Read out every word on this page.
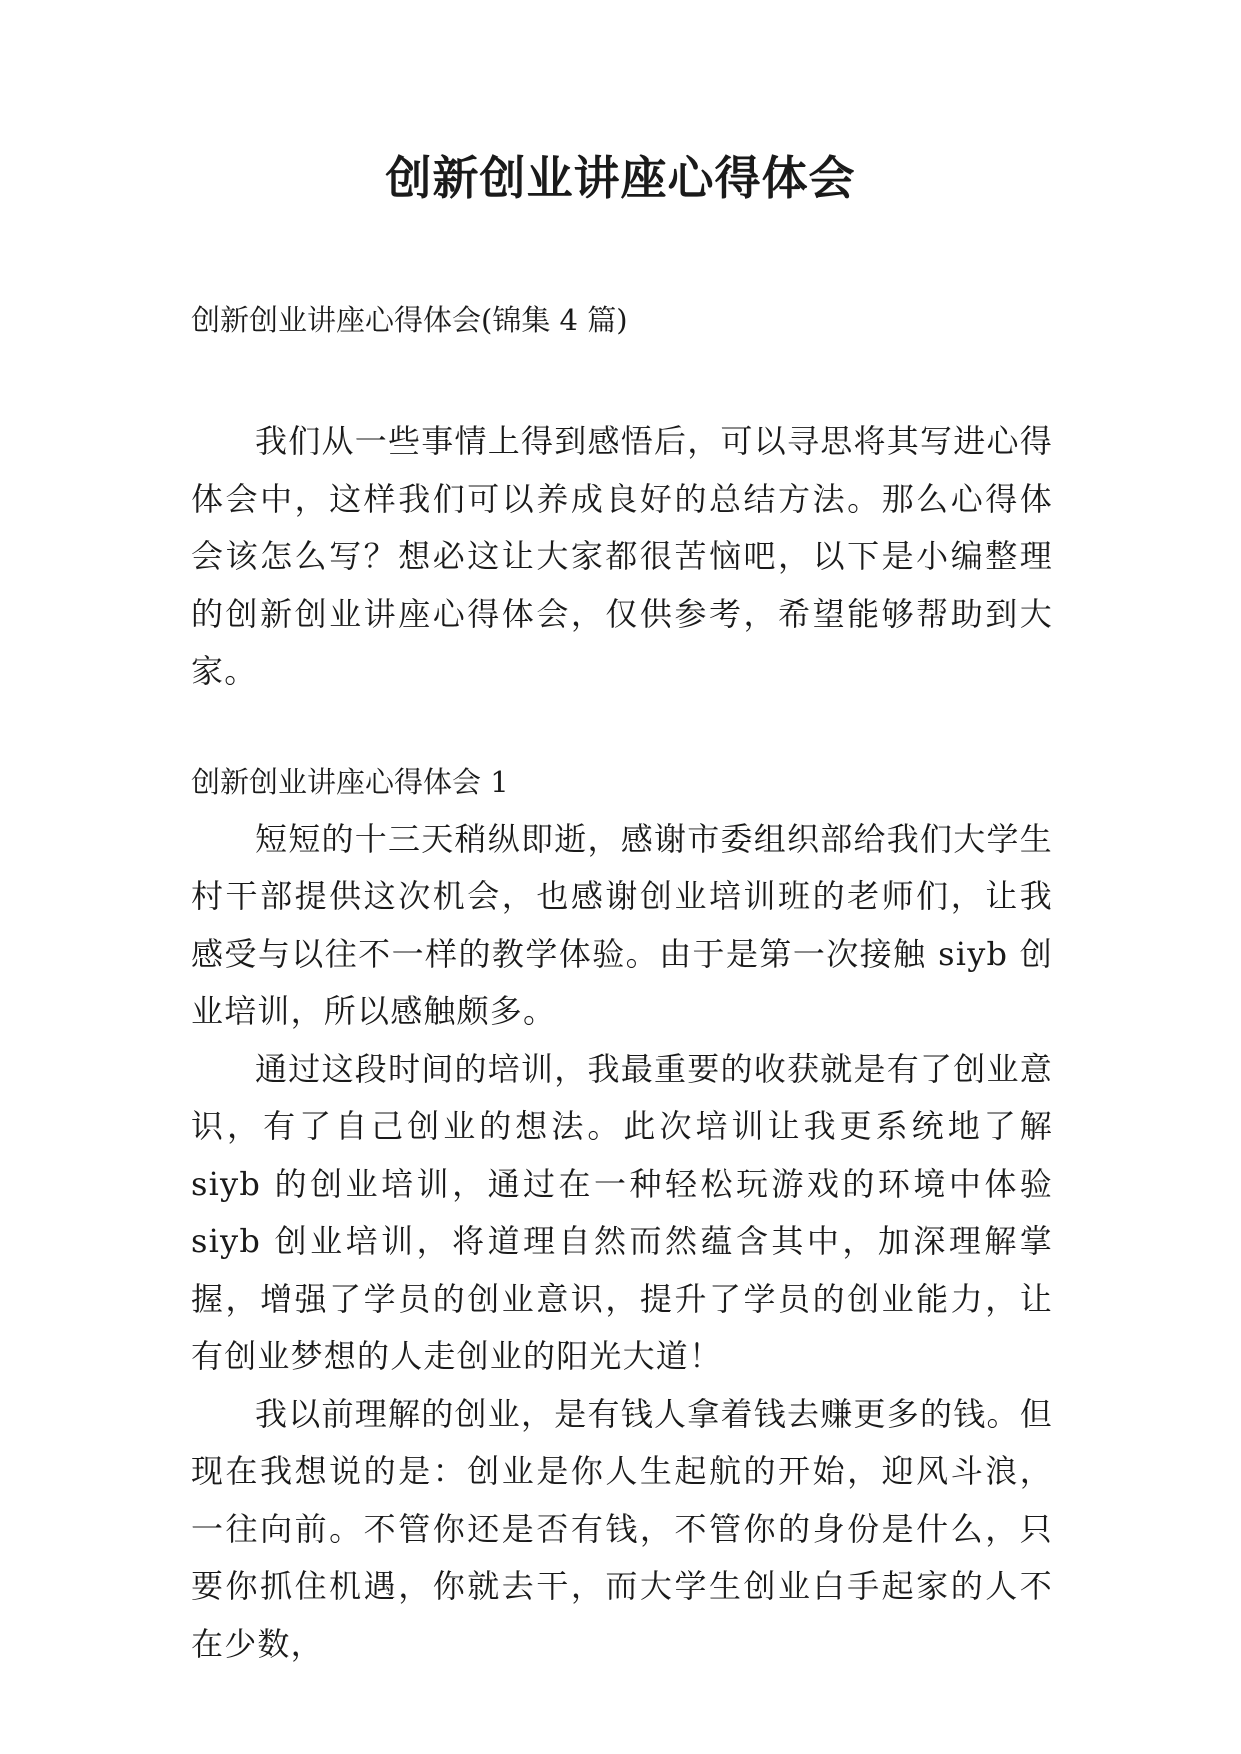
创新创业讲座心得体会

创新创业讲座心得体会(锦集 4 篇)

我们从一些事情上得到感悟后，可以寻思将其写进心得体会中，这样我们可以养成良好的总结方法。那么心得体会该怎么写？想必这让大家都很苦恼吧，以下是小编整理的创新创业讲座心得体会，仅供参考，希望能够帮助到大家。

创新创业讲座心得体会 1

短短的十三天稍纵即逝，感谢市委组织部给我们大学生村干部提供这次机会，也感谢创业培训班的老师们，让我感受与以往不一样的教学体验。由于是第一次接触 siyb 创业培训，所以感触颇多。

通过这段时间的培训，我最重要的收获就是有了创业意识，有了自己创业的想法。此次培训让我更系统地了解 siyb 的创业培训，通过在一种轻松玩游戏的环境中体验 siyb 创业培训，将道理自然而然蕴含其中，加深理解掌握，增强了学员的创业意识，提升了学员的创业能力，让有创业梦想的人走创业的阳光大道！

我以前理解的创业，是有钱人拿着钱去赚更多的钱。但现在我想说的是：创业是你人生起航的开始，迎风斗浪，一往向前。不管你还是否有钱，不管你的身份是什么，只要你抓住机遇，你就去干，而大学生创业白手起家的人不在少数，
